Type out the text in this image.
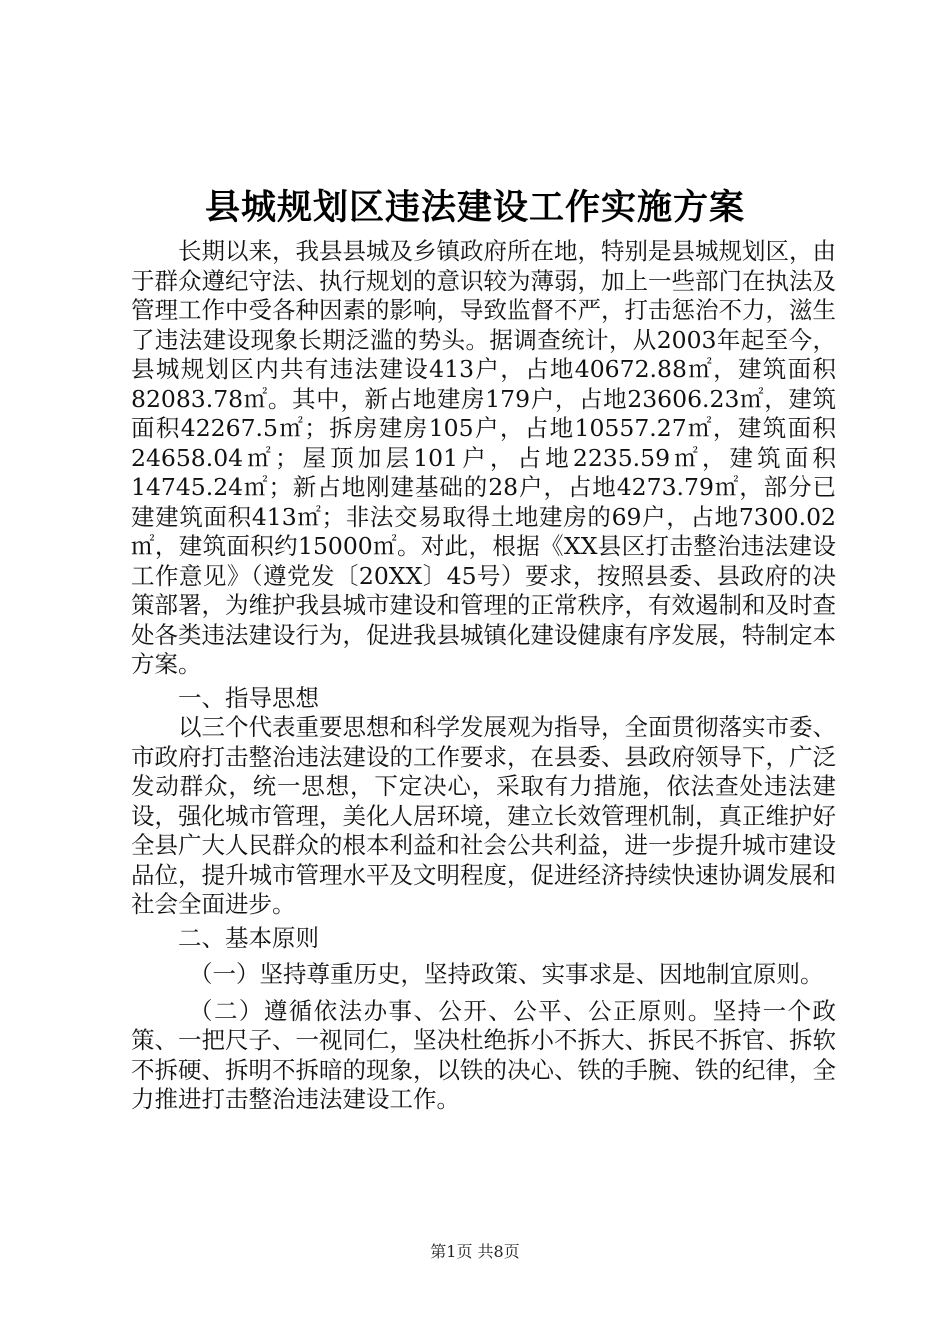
县城规划区违法建设工作实施方案

长期以来，我县县城及乡镇政府所在地，特别是县城规划区，由于群众遵纪守法、执行规划的意识较为薄弱，加上一些部门在执法及管理工作中受各种因素的影响，导致监督不严，打击惩治不力，滋生了违法建设现象长期泛滥的势头。据调查统计，从2003年起至今，县城规划区内共有违法建设413户，占地40672.88㎡，建筑面积82083.78㎡。其中，新占地建房179户，占地23606.23㎡，建筑面积42267.5㎡；拆房建房105户，占地10557.27㎡，建筑面积24658.04㎡；屋顶加层101户，占地2235.59㎡，建筑面积14745.24㎡；新占地刚建基础的28户，占地4273.79㎡，部分已建建筑面积413㎡；非法交易取得土地建房的69户，占地7300.02㎡，建筑面积约15000㎡。对此，根据《XX县区打击整治违法建设工作意见》（遵党发〔20XX〕45号）要求，按照县委、县政府的决策部署，为维护我县城市建设和管理的正常秩序，有效遏制和及时查处各类违法建设行为，促进我县城镇化建设健康有序发展，特制定本方案。

一、指导思想

以三个代表重要思想和科学发展观为指导，全面贯彻落实市委、市政府打击整治违法建设的工作要求，在县委、县政府领导下，广泛发动群众，统一思想，下定决心，采取有力措施，依法查处违法建设，强化城市管理，美化人居环境，建立长效管理机制，真正维护好全县广大人民群众的根本利益和社会公共利益，进一步提升城市建设品位，提升城市管理水平及文明程度，促进经济持续快速协调发展和社会全面进步。

二、基本原则

（一）坚持尊重历史，坚持政策、实事求是、因地制宜原则。

（二）遵循依法办事、公开、公平、公正原则。坚持一个政策、一把尺子、一视同仁，坚决杜绝拆小不拆大、拆民不拆官、拆软不拆硬、拆明不拆暗的现象，以铁的决心、铁的手腕、铁的纪律，全力推进打击整治违法建设工作。

第1页 共8页
